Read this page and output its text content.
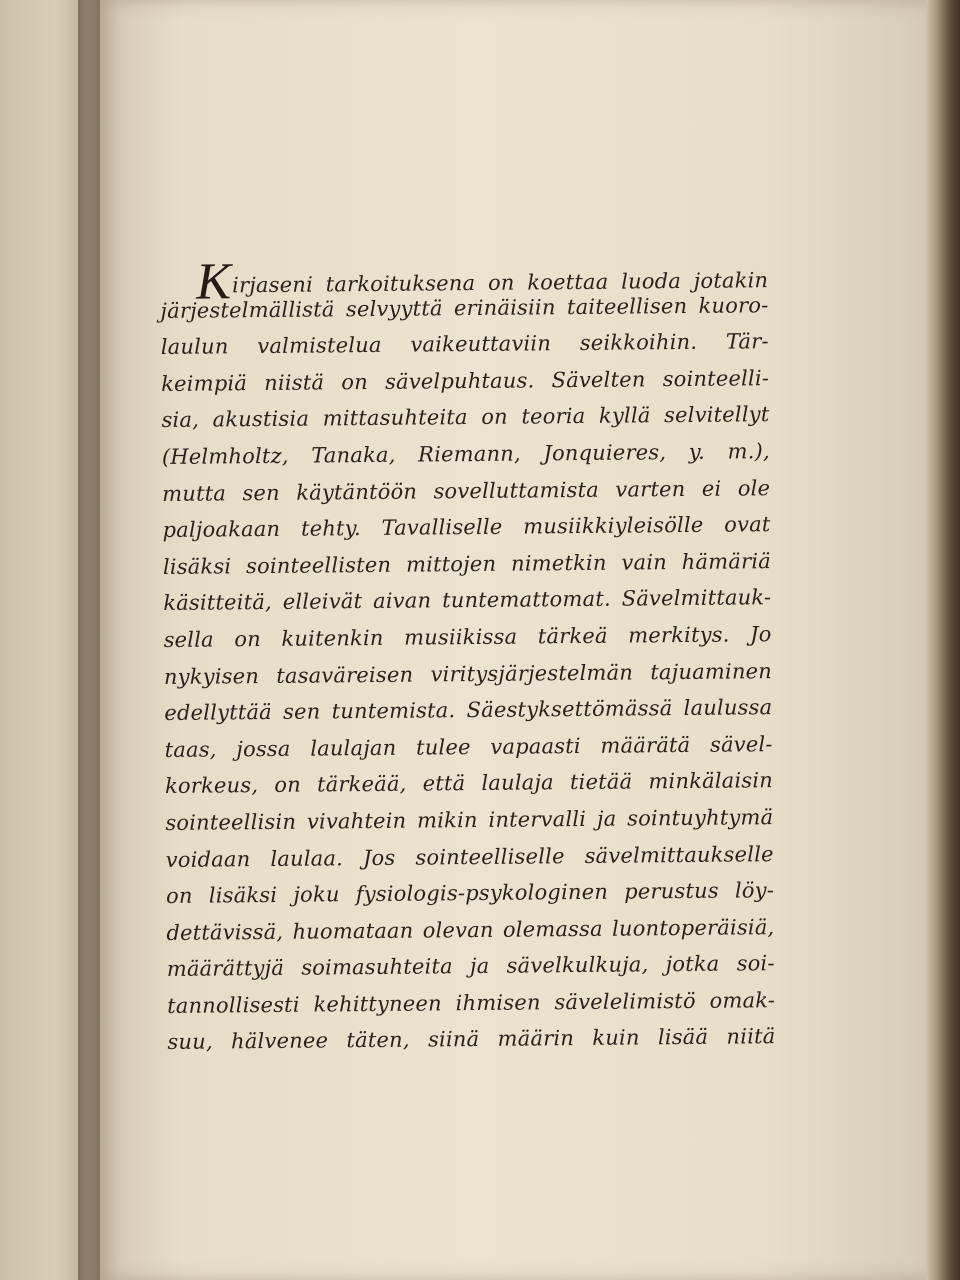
K irjaseni tarkoituksena on koettaa luoda jotakin
järjestelmällistä selvyyttä erinäisiin taiteellisen kuoro-
laulun valmistelua vaikeuttaviin seikkoihin. Tär-
keimpiä niistä on sävelpuhtaus. Sävelten sointeelli-
sia, akustisia mittasuhteita on teoria kyllä selvitellyt
(Helmholtz, Tanaka, Riemann, Jonquieres, y. m.),
mutta sen käytäntöön sovelluttamista varten ei ole
paljoakaan tehty. Tavalliselle musiikkiyleisölle ovat
lisäksi sointeellisten mittojen nimetkin vain hämäriä
käsitteitä, elleivät aivan tuntemattomat. Sävelmittauk-
sella on kuitenkin musiikissa tärkeä merkitys. Jo
nykyisen tasaväreisen viritysjärjestelmän tajuaminen
edellyttää sen tuntemista. Säestyksettömässä laulussa
taas, jossa laulajan tulee vapaasti määrätä sävel-
korkeus, on tärkeää, että laulaja tietää minkälaisin
sointeellisin vivahtein mikin intervalli ja sointuyhtymä
voidaan laulaa. Jos sointeelliselle sävelmittaukselle
on lisäksi joku fysiologis-psykologinen perustus löy-
dettävissä, huomataan olevan olemassa luontoperäisiä,
määrättyjä soimasuhteita ja sävelkulkuja, jotka soi-
tannollisesti kehittyneen ihmisen sävelelimistö omak-
suu, hälvenee täten, siinä määrin kuin lisää niitä
